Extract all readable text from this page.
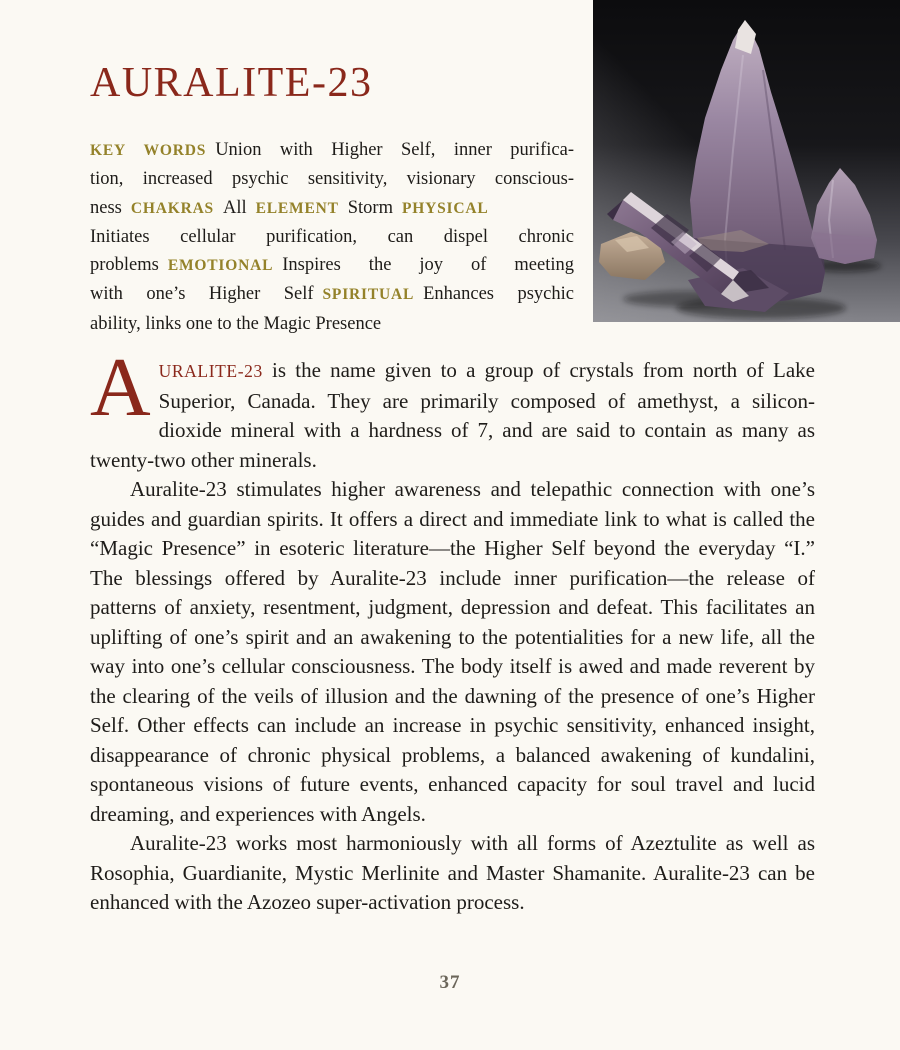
AURALITE-23
KEY WORDS Union with Higher Self, inner purifica-
tion, increased psychic sensitivity, visionary conscious-
ness CHAKRAS All ELEMENT Storm PHYSICAL
Initiates cellular purification, can dispel chronic
problems EMOTIONAL Inspires the joy of meeting
with one’s Higher Self SPIRITUAL Enhances psychic
ability, links one to the Magic Presence

AURALITE-23 is the name given to a group of crystals from north of Lake Superior, Canada. They are primarily composed of amethyst, a silicon-dioxide mineral with a hardness of 7, and are said to contain as many as twenty-two other minerals.

Auralite-23 stimulates higher awareness and telepathic connection with one’s guides and guardian spirits. It offers a direct and immediate link to what is called the “Magic Presence” in esoteric literature—the Higher Self beyond the everyday “I.” The blessings offered by Auralite-23 include inner purification—the release of patterns of anxiety, resentment, judgment, depression and defeat. This facilitates an uplifting of one’s spirit and an awakening to the potentialities for a new life, all the way into one’s cellular consciousness. The body itself is awed and made reverent by the clearing of the veils of illusion and the dawning of the presence of one’s Higher Self. Other effects can include an increase in psychic sensitivity, enhanced insight, disappearance of chronic physical problems, a balanced awakening of kundalini, spontaneous visions of future events, enhanced capacity for soul travel and lucid dreaming, and experiences with Angels.

Auralite-23 works most harmoniously with all forms of Azeztulite as well as Rosophia, Guardianite, Mystic Merlinite and Master Shamanite. Auralite-23 can be enhanced with the Azozeo super-activation process.

37
